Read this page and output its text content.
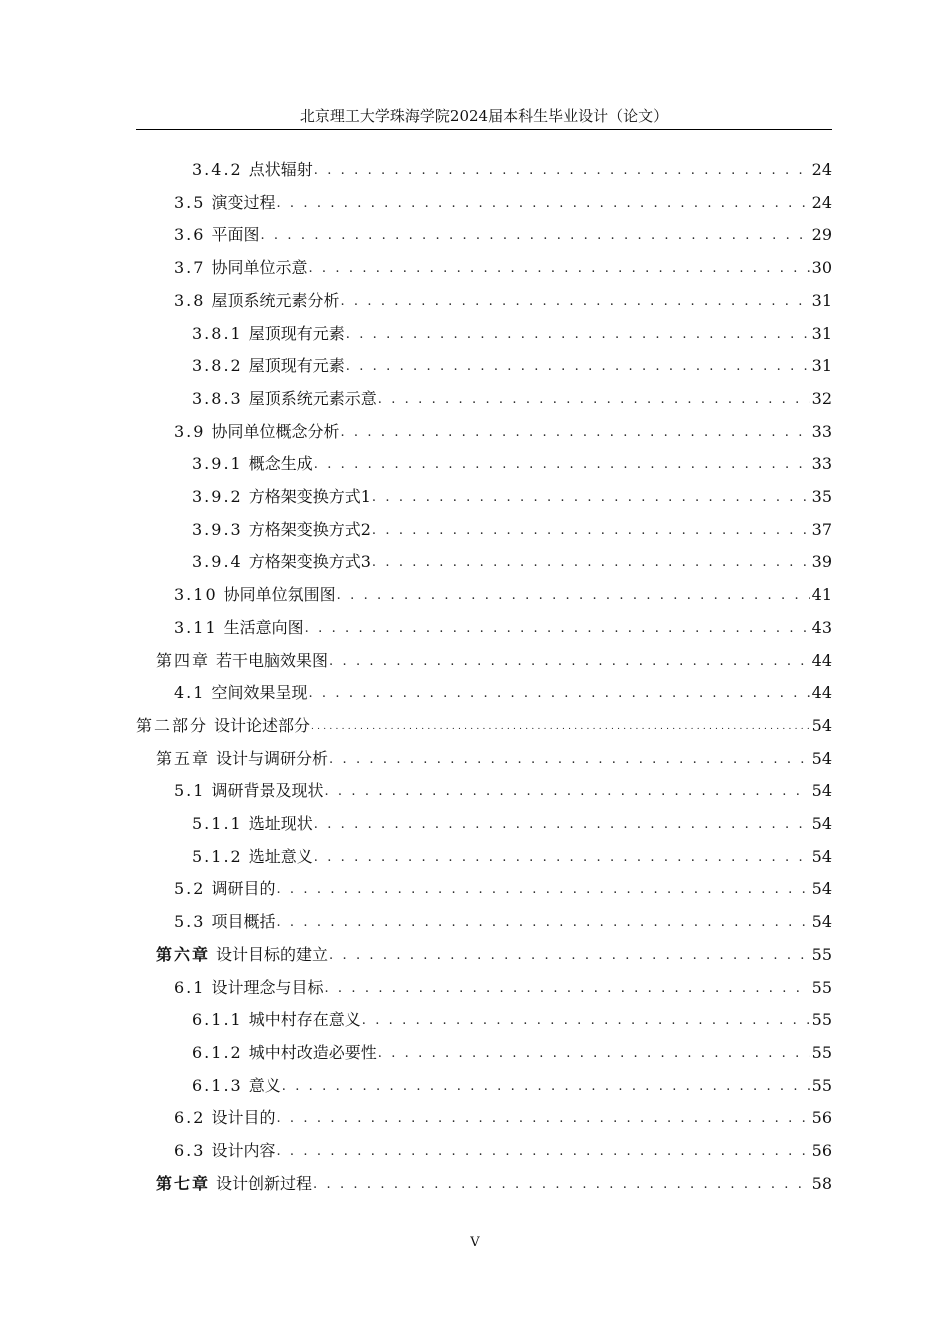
北京理工大学珠海学院2024届本科生毕业设计（论文）
3.4.2 点状辐射 . . .	24
3.5 演变过程 . . .	24
3.6 平面图 . . .	29
3.7 协同单位示意 . . .	30
3.8 屋顶系统元素分析 . . .	31
3.8.1 屋顶现有元素 . . .	31
3.8.2 屋顶现有元素 . . .	31
3.8.3 屋顶系统元素示意 . . .	32
3.9 协同单位概念分析 . . .	33
3.9.1 概念生成 . . .	33
3.9.2 方格架变换方式1 . . .	35
3.9.3 方格架变换方式2 . . .	37
3.9.4 方格架变换方式3 . . .	39
3.10 协同单位氛围图 . . .	41
3.11 生活意向图 . . .	43
第四章 若干电脑效果图 . . .	44
4.1 空间效果呈现 . . .	44
第二部分 设计论述部分 . . .	54
第五章 设计与调研分析 . . .	54
5.1 调研背景及现状 . . .	54
5.1.1 选址现状 . . .	54
5.1.2 选址意义 . . .	54
5.2 调研目的 . . .	54
5.3 项目概括 . . .	54
第六章 设计目标的建立 . . .	55
6.1 设计理念与目标 . . .	55
6.1.1 城中村存在意义 . . .	55
6.1.2 城中村改造必要性 . . .	55
6.1.3 意义 . . .	55
6.2 设计目的 . . .	56
6.3 设计内容 . . .	56
第七章 设计创新过程 . . .	58
V
